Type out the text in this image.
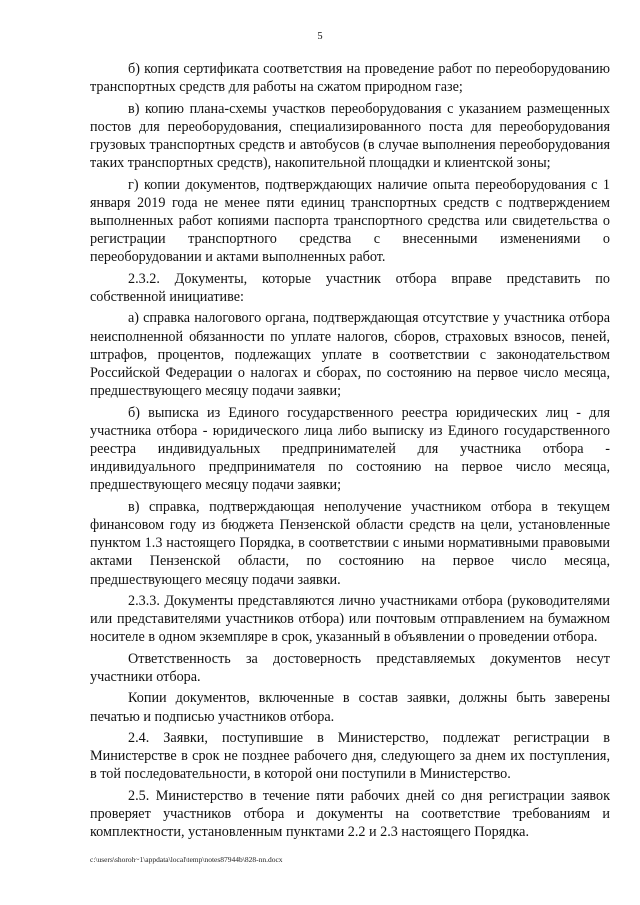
5

б) копия сертификата соответствия на проведение работ по переоборудованию транспортных средств для работы на сжатом природном газе;

в) копию плана-схемы участков переоборудования с указанием размещенных постов для переоборудования, специализированного поста для переоборудования грузовых транспортных средств и автобусов (в случае выполнения переоборудования таких транспортных средств), накопительной площадки и клиентской зоны;

г) копии документов, подтверждающих наличие опыта переоборудования с 1 января 2019 года не менее пяти единиц транспортных средств с подтверждением выполненных работ копиями паспорта транспортного средства или свидетельства о регистрации транспортного средства с внесенными изменениями о переоборудовании и актами выполненных работ.

2.3.2. Документы, которые участник отбора вправе представить по собственной инициативе:

а) справка налогового органа, подтверждающая отсутствие у участника отбора неисполненной обязанности по уплате налогов, сборов, страховых взносов, пеней, штрафов, процентов, подлежащих уплате в соответствии с законодательством Российской Федерации о налогах и сборах, по состоянию на первое число месяца, предшествующего месяцу подачи заявки;

б) выписка из Единого государственного реестра юридических лиц - для участника отбора - юридического лица либо выписку из Единого государственного реестра индивидуальных предпринимателей для участника отбора - индивидуального предпринимателя по состоянию на первое число месяца, предшествующего месяцу подачи заявки;

в) справка, подтверждающая неполучение участником отбора в текущем финансовом году из бюджета Пензенской области средств на цели, установленные пунктом 1.3 настоящего Порядка, в соответствии с иными нормативными правовыми актами Пензенской области, по состоянию на первое число месяца, предшествующего месяцу подачи заявки.

2.3.3. Документы представляются лично участниками отбора (руководителями или представителями участников отбора) или почтовым отправлением на бумажном носителе в одном экземпляре в срок, указанный в объявлении о проведении отбора.

Ответственность за достоверность представляемых документов несут участники отбора.

Копии документов, включенные в состав заявки, должны быть заверены печатью и подписью участников отбора.

2.4. Заявки, поступившие в Министерство, подлежат регистрации в Министерстве в срок не позднее рабочего дня, следующего за днем их поступления, в той последовательности, в которой они поступили в Министерство.

2.5. Министерство в течение пяти рабочих дней со дня регистрации заявок проверяет участников отбора и документы на соответствие требованиям и комплектности, установленным пунктами 2.2 и 2.3 настоящего Порядка.

c:\users\shoroh~1\appdata\local\temp\notes87944b\828-nn.docx
